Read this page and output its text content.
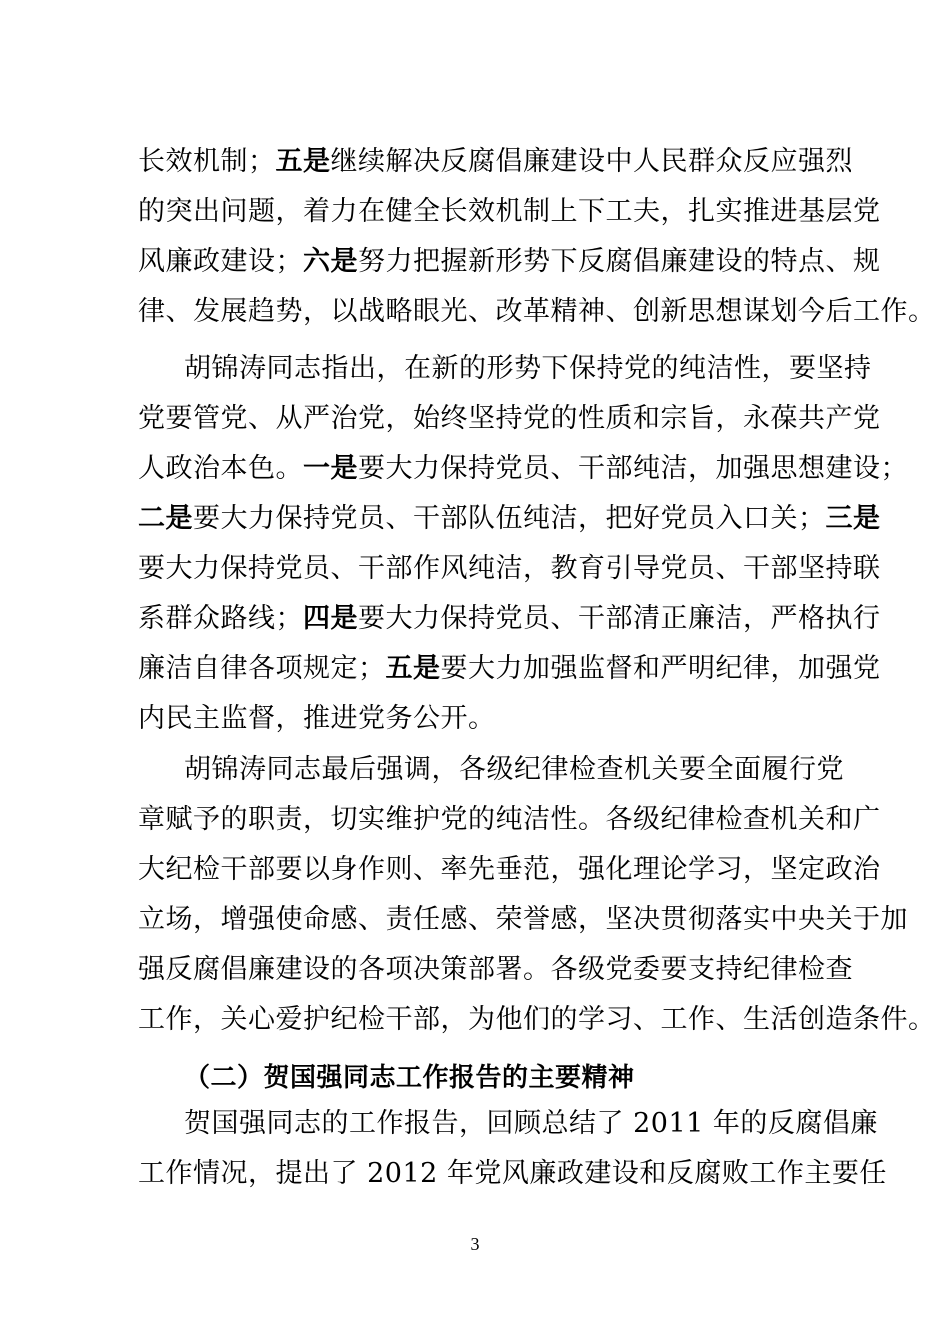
长效机制；五是继续解决反腐倡廉建设中人民群众反应强烈
的突出问题，着力在健全长效机制上下工夫，扎实推进基层党
风廉政建设；六是努力把握新形势下反腐倡廉建设的特点、规
律、发展趋势，以战略眼光、改革精神、创新思想谋划今后工作。
胡锦涛同志指出，在新的形势下保持党的纯洁性，要坚持
党要管党、从严治党，始终坚持党的性质和宗旨，永葆共产党
人政治本色。一是要大力保持党员、干部纯洁，加强思想建设；
二是要大力保持党员、干部队伍纯洁，把好党员入口关；三是
要大力保持党员、干部作风纯洁，教育引导党员、干部坚持联
系群众路线；四是要大力保持党员、干部清正廉洁，严格执行
廉洁自律各项规定；五是要大力加强监督和严明纪律，加强党
内民主监督，推进党务公开。
胡锦涛同志最后强调，各级纪律检查机关要全面履行党
章赋予的职责，切实维护党的纯洁性。各级纪律检查机关和广
大纪检干部要以身作则、率先垂范，强化理论学习，坚定政治
立场，增强使命感、责任感、荣誉感，坚决贯彻落实中央关于加
强反腐倡廉建设的各项决策部署。各级党委要支持纪律检查
工作，关心爱护纪检干部，为他们的学习、工作、生活创造条件。
（二）贺国强同志工作报告的主要精神
贺国强同志的工作报告，回顾总结了 2011 年的反腐倡廉
工作情况，提出了 2012 年党风廉政建设和反腐败工作主要任
3
